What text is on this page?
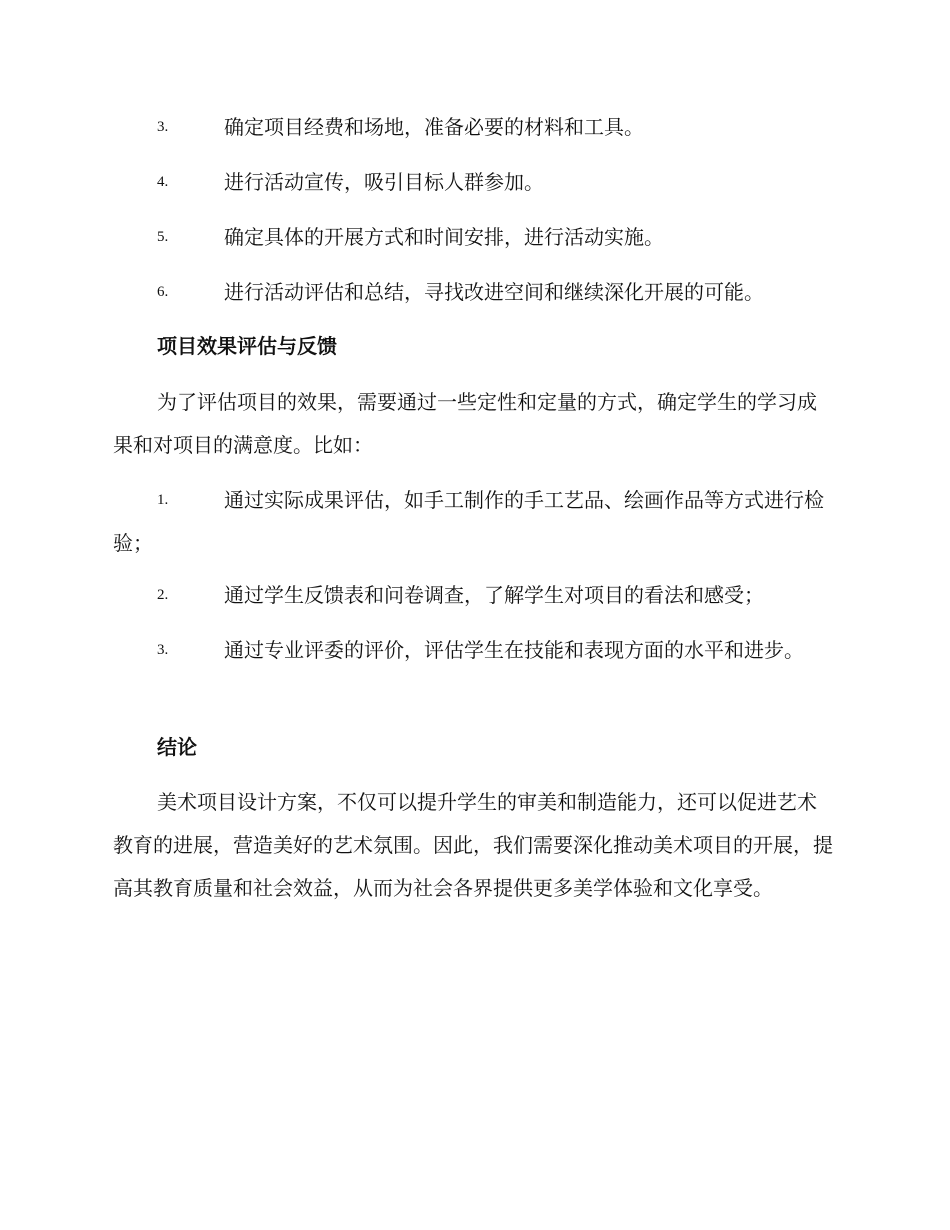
3.	确定项目经费和场地，准备必要的材料和工具。
4.	进行活动宣传，吸引目标人群参加。
5.	确定具体的开展方式和时间安排，进行活动实施。
6.	进行活动评估和总结，寻找改进空间和继续深化开展的可能。
项目效果评估与反馈
为了评估项目的效果，需要通过一些定性和定量的方式，确定学生的学习成果和对项目的满意度。比如：
1.	通过实际成果评估，如手工制作的手工艺品、绘画作品等方式进行检验；
2.	通过学生反馈表和问卷调查，了解学生对项目的看法和感受；
3.	通过专业评委的评价，评估学生在技能和表现方面的水平和进步。
结论
美术项目设计方案，不仅可以提升学生的审美和制造能力，还可以促进艺术教育的进展，营造美好的艺术氛围。因此，我们需要深化推动美术项目的开展，提高其教育质量和社会效益，从而为社会各界提供更多美学体验和文化享受。
